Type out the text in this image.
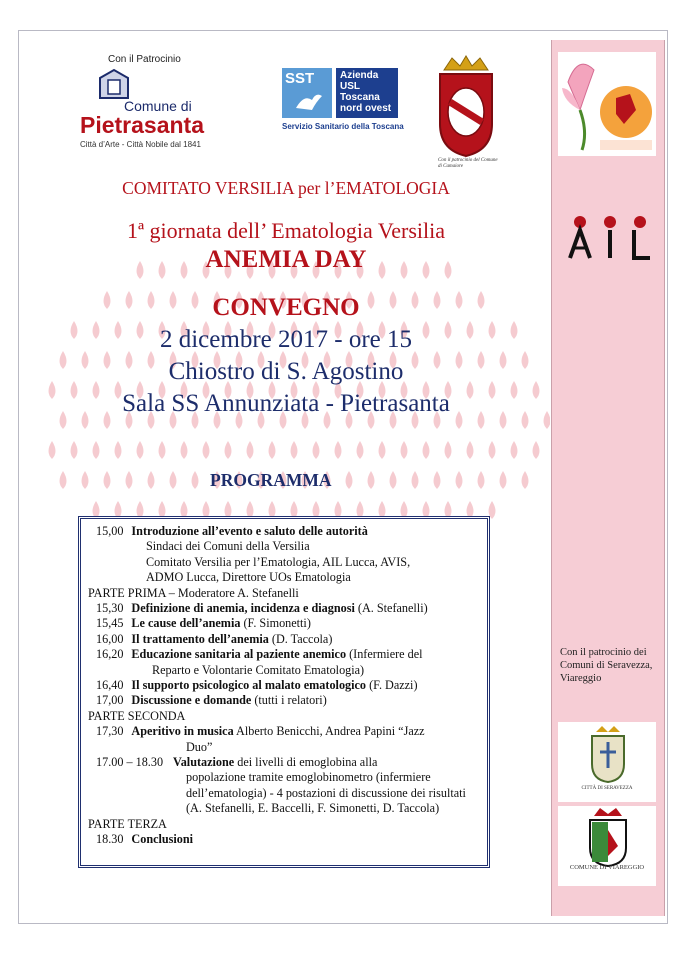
Con il Patrocinio
Comune di
Pietrasanta
Città d’Arte - Città Nobile dal 1841
SST	Azienda
USL
Toscana
nord ovest
Servizio Sanitario della Toscana
Con il patrocinio del Comune di Camaiore
COMITATO VERSILIA per l’EMATOLOGIA
1ª giornata dell’ Ematologia Versilia
ANEMIA DAY
CONVEGNO
2 dicembre 2017 - ore 15
Chiostro di S. Agostino
Sala SS Annunziata - Pietrasanta
PROGRAMMA
15,00 Introduzione all’evento e saluto delle autorità
Sindaci dei Comuni della Versilia
Comitato Versilia per l’Ematologia, AIL Lucca, AVIS,
ADMO Lucca, Direttore UOs Ematologia
PARTE PRIMA – Moderatore A. Stefanelli
15,30 Definizione di anemia, incidenza e diagnosi (A. Stefanelli)
15,45 Le cause dell’anemia (F. Simonetti)
16,00 Il trattamento dell’anemia (D. Taccola)
16,20 Educazione sanitaria al paziente anemico (Infermiere del
Reparto e Volontarie Comitato Ematologia)
16,40 Il supporto psicologico al malato ematologico (F. Dazzi)
17,00 Discussione e domande (tutti i relatori)
PARTE SECONDA
17,30 Aperitivo in musica Alberto Benicchi, Andrea Papini “Jazz
Duo”
17.00 – 18.30 Valutazione dei livelli di emoglobina alla
popolazione tramite emoglobinometro (infermiere
dell’ematologia) - 4 postazioni di discussione dei risultati
(A. Stefanelli, E. Baccelli, F. Simonetti, D. Taccola)
PARTE TERZA
18.30 Conclusioni
Con il patrocinio dei Comuni di Seravezza, Viareggio
CITTÀ DI SERAVEZZA
COMUNE DI VIAREGGIO
